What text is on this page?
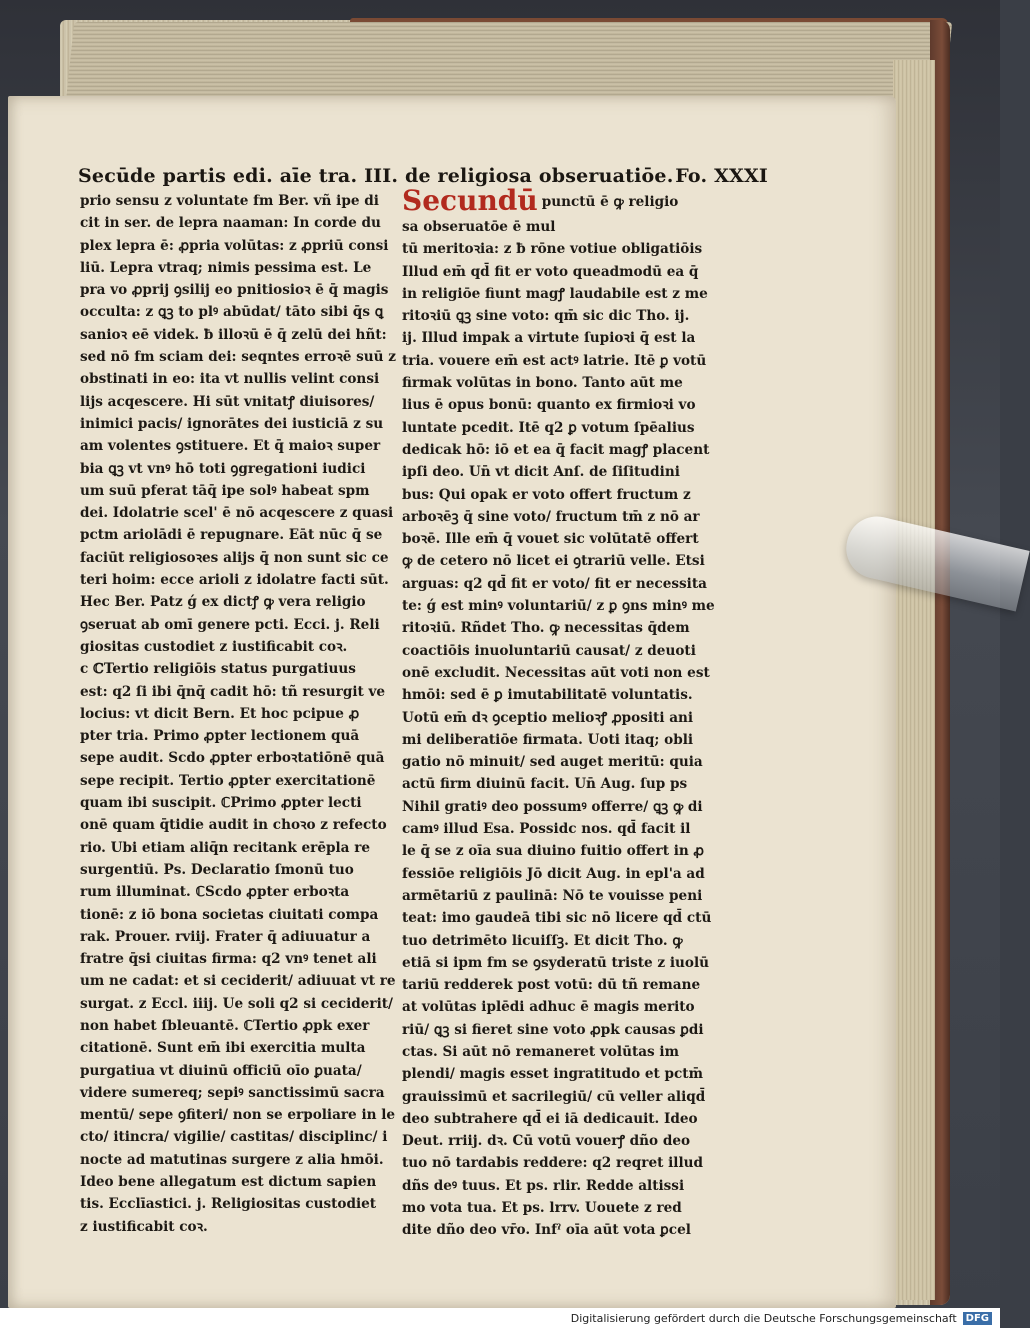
Secūde partis edi. aīe tra. III. de religiosa obseruatiōe. Fo. XXXI
prio sensu z voluntate fm Ber. vñ ipe di
cit in ser. de lepra naaman: In corde du
plex lepra ē: ꝓpria volūtas: z ꝓpriū consi
liū. Lepra vtraq; nimis pessima est. Le
pra vo ꝓprij ꝯsilij eo pnitiosioꝛ ē q̄ magis
occulta: z ꝗꝫ to plꝰ abūdat/ tāto sibi q̄s ꝗ
sanioꝛ eē videk. ƀ illoꝛū ē q̄ zelū dei hñt:
sed nō fm sciam dei: seqntes erroꝛē suū z
obstinati in eo: ita vt nullis velint consi
lijs acqescere. Hi sūt vnitatꝭ diuisores/
inimici pacis/ ignorātes dei iusticiā z su
am volentes ꝯstituere. Et q̄ maioꝛ super
bia ꝗꝫ vt vnꝰ hō toti ꝯgregationi iudici
um suū pferat tāq̄ ipe solꝰ habeat spm
dei. Idolatrie scel' ē nō acqescere z quasi
pctm ariolādi ē repugnare. Eāt nūc q̄ se
faciūt religiosoꝛes alijs q̄ non sunt sic ce
teri hoim: ecce arioli z idolatre facti sūt.
Hec Ber. Patz ǵ ex dictꝭ ꝙ vera religio
ꝯseruat ab omī genere pcti. Ecci. j. Reli
giositas custodiet z iustificabit coꝛ.
c ℂTertio religiōis status purgatiuus
est: q2 ſi ibi q̄nq̄ cadit hō: tñ resurgit ve
locius: vt dicit Bern. Et hoc pcipue ꝓ
pter tria. Primo ꝓpter lectionem quā
sepe audit. Scdo ꝓpter erboꝛtatiōnē quā
sepe recipit. Tertio ꝓpter exercitationē
quam ibi suscipit. ℂPrimo ꝓpter lecti
onē quam q̄tidie audit in choꝛo z refecto
rio. Ubi etiam aliq̄n recitank erēpla re
surgentiū. Ps. Declaratio ſmonū tuo
rum illuminat. ℂScdo ꝓpter erboꝛta
tionē: z iō bona societas ciuitati compa
rak. Prouer. rviij. Frater q̄ adiuuatur a
fratre q̄si ciuitas firma: q2 vnꝰ tenet ali
um ne cadat: et si ceciderit/ adiuuat vt re
surgat. z Eccl. iiij. Ue soli q2 si ceciderit/
non habet ſbleuantē. ℂTertio ꝓpk exer
citationē. Sunt em̄ ibi exercitia multa
purgatiua vt diuinū officiū oīo ꝑuata/
videre sumereq; sepiꝰ sanctissimū sacra
mentū/ sepe ꝯfiteri/ non se erpoliare in le
cto/ itincra/ vigilie/ castitas/ disciplinc/ i
nocte ad matutinas surgere z alia hmōi.
Ideo bene allegatum est dictum sapien
tis. Ecclīastici. j. Religiositas custodiet
z iustificabit coꝛ.
Secundū punctū ē ꝙ religio
sa obseruatōe ē mul
tū meritoꝛia: z ƀ rōne votiue obligatiōis
Illud em̄ qd̄ fit er voto queadmodū ea q̄
in religiōe fiunt magꝭ laudabile est z me
ritoꝛiū ꝗꝫ sine voto: qm̄ sic dic Tho. ij.
ij. Illud impak a virtute ſupioꝛi q̄ est la
tria. vouere em̄ est actꝰ latrie. Itē ꝑ votū
firmak volūtas in bono. Tanto aūt me
lius ē opus bonū: quanto ex firmioꝛi vo
luntate pcedit. Itē q2 ꝑ votum ſpēalius
dedicak hō: iō et ea q̄ facit magꝭ placent
ipſi deo. Un̄ vt dicit Anſ. de ſiſitudini
bus: Qui opak er voto offert fructum z
arboꝛēꝫ q̄ sine voto/ fructum tm̄ z nō ar
boꝛē. Ille em̄ q̄ vouet sic volūtatē offert
ꝙ de cetero nō licet ei ꝯtrariū velle. Etsi
arguas: q2 qd̄ fit er voto/ fit er necessita
te: ǵ est minꝰ voluntariū/ z ꝑ ꝯns minꝰ me
ritoꝛiū. Rñdet Tho. ꝙ necessitas q̄dem
coactiōis inuoluntariū causat/ z deuoti
onē excludit. Necessitas aūt voti non est
hmōi: sed ē ꝑ imutabilitatē voluntatis.
Uotū em̄ dꝛ ꝯceptio melioꝛꝭ ꝓpositi ani
mi deliberatiōe firmata. Uoti itaq; obli
gatio nō minuit/ sed auget meritū: quia
actū firm diuinū facit. Un̄ Aug. ſup ps
Nihil gratiꝰ deo possumꝰ offerre/ ꝗꝫ ꝙ di
camꝰ illud Esa. Possidc nos. qd̄ facit il
le q̄ se z oīa sua diuino fuitio offert in ꝓ
fessiōe religiōis Jō dicit Aug. in epl'a ad
armētariū z paulinā: Nō te vouisse peni
teat: imo gaudeā tibi sic nō licere qd̄ ctū
tuo detrimēto licuiſſꝫ. Et dicit Tho. ꝙ
etiā si ipm fm se ꝯsyderatū triste z iuolū
tariū redderek post votū: dū tñ remane
at volūtas iplēdi adhuc ē magis merito
riū/ ꝗꝫ si fieret sine voto ꝓpk causas ꝑdi
ctas. Si aūt nō remaneret volūtas im
plendi/ magis esset ingratitudo et pctm̄
grauissimū et sacrilegiū/ cū veller aliqd̄
deo subtrahere qd̄ ei iā dedicauit. Ideo
Deut. rriij. dꝛ. Cū votū vouerꝭ dño deo
tuo nō tardabis reddere: q2 reqret illud
dñs deꝰ tuus. Et ps. rlir. Redde altissi
mo vota tua. Et ps. lrrv. Uouete z red
dite dño deo vr̄o. Infˀ oīa aūt vota ꝑcel
Digitalisierung gefördert durch die Deutsche Forschungsgemeinschaft DFG
